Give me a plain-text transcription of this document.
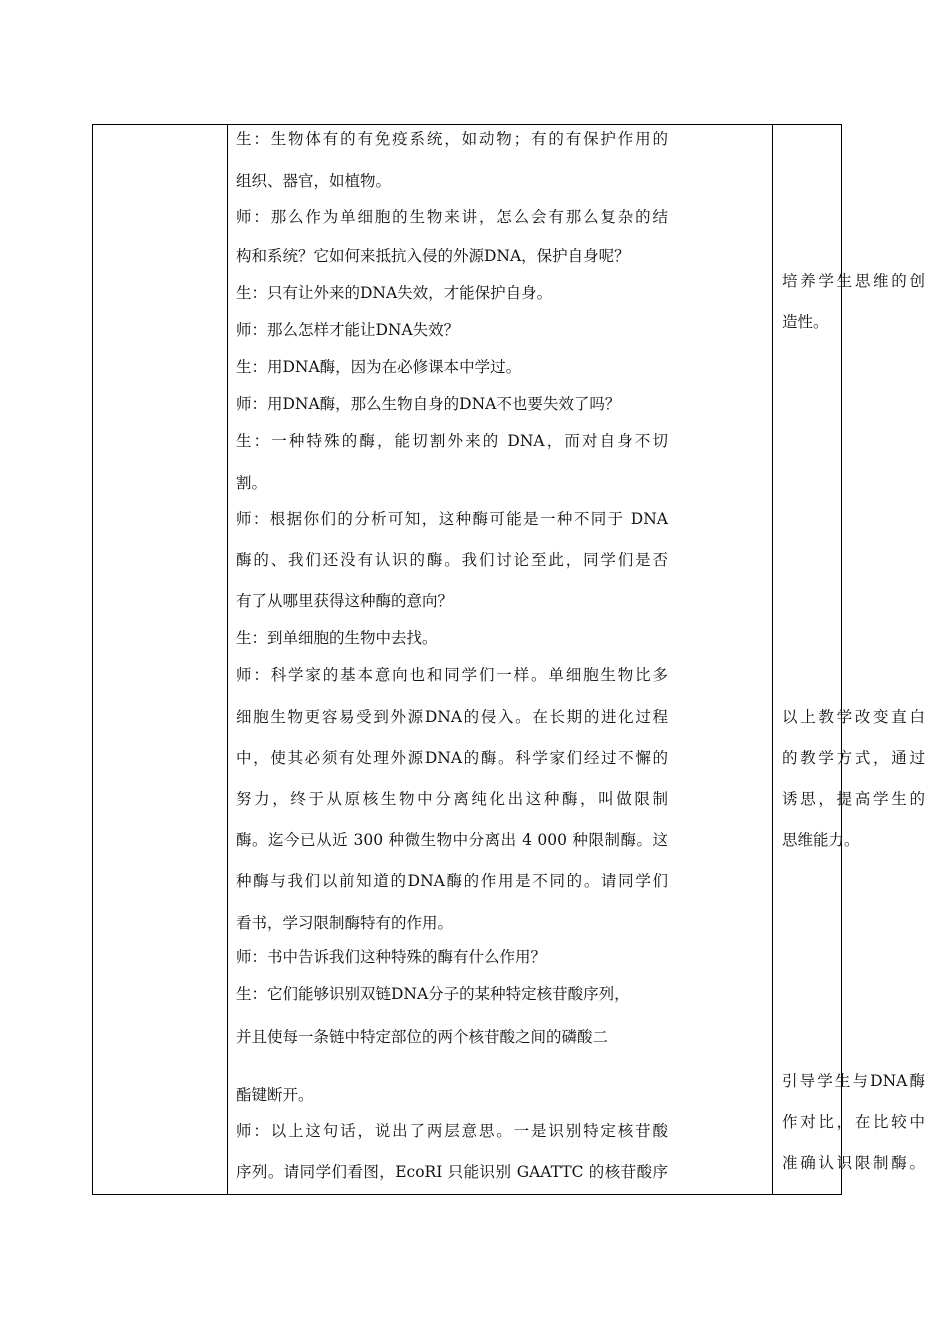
生：生物体有的有免疫系统，如动物；有的有保护作用的
组织、器官，如植物。
师：那么作为单细胞的生物来讲，怎么会有那么复杂的结
构和系统？它如何来抵抗入侵的外源DNA，保护自身呢？
生：只有让外来的DNA失效，才能保护自身。
师：那么怎样才能让DNA失效？
生：用DNA酶，因为在必修课本中学过。
师：用DNA酶，那么生物自身的DNA不也要失效了吗？
生：一种特殊的酶，能切割外来的 DNA，而对自身不切
割。
师：根据你们的分析可知，这种酶可能是一种不同于 DNA
酶的、我们还没有认识的酶。我们讨论至此，同学们是否
有了从哪里获得这种酶的意向？
生：到单细胞的生物中去找。
师：科学家的基本意向也和同学们一样。单细胞生物比多
细胞生物更容易受到外源DNA的侵入。在长期的进化过程
中，使其必须有处理外源DNA的酶。科学家们经过不懈的
努力，终于从原核生物中分离纯化出这种酶，叫做限制
酶。迄今已从近 300 种微生物中分离出 4 000 种限制酶。这
种酶与我们以前知道的DNA酶的作用是不同的。请同学们
看书，学习限制酶特有的作用。
师：书中告诉我们这种特殊的酶有什么作用？
生：它们能够识别双链DNA分子的某种特定核苷酸序列，
并且使每一条链中特定部位的两个核苷酸之间的磷酸二
酯键断开。
师：以上这句话，说出了两层意思。一是识别特定核苷酸
序列。请同学们看图，EcoRI 只能识别 GAATTC 的核苷酸序
培养学生思维的创
造性。
以上教学改变直白
的教学方式，通过
诱思，提高学生的
思维能力。
引导学生与DNA酶
作对比，在比较中
准确认识限制酶。
